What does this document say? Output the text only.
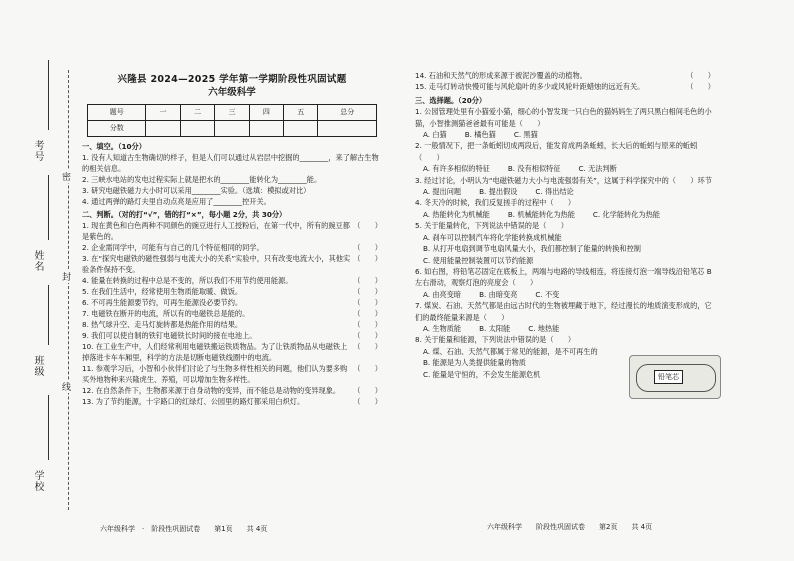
考号
姓名
班级
学校
密
封
线
兴隆县 2024—2025 学年第一学期阶段性巩固试题
六年级科学
题号	一	二	三	四	五	总分
分数						
一、填空。（10分）
1. 没有人知道古生物确切的样子，但是人们可以通过从岩层中挖掘的________，来了解古生物的相关信息。
2. 三峡水电站的发电过程实际上就是把水的________能转化为________能。
3. 研究电磁铁磁力大小时可以采用________实验。（选填：模拟或对比）
4. 通过两弹的路灯夫里自动点亮是应用了________控开关。
二、判断。（对的打“√”，错的打“×”，每小题 2分，共 30分）
（　　）
1. 现在黄色和白色两种不同颜色的豌豆进行人工授粉后，在第一代中，所有的豌豆都是紫色的。
（　　）
2. 企业需同学中，可能有与自己的几个特征相同的同学。
（　　）
3. 在“探究电磁铁的磁性强弱与电流大小的关系”实验中，只有改变电流大小，其他实验条件保持不变。
（　　）
4. 能量在转换的过程中总是不变的，所以我们不用节约使用能源。
（　　）
5. 在我们生活中，经常使用生物质能取暖、做饭。
（　　）
6. 不可再生能源要节约，可再生能源没必要节约。
（　　）
7. 电磁铁在断开的电流，所以有的电磁铁总是能的。
（　　）
8. 热气球升空、走马灯旋转都是热能作用的结果。
（　　）
9. 我们可以使自制的铁钉电磁铁长时间的接在电池上。
（　　）
10. 在工业生产中，人们经常利用电磁铁搬运铁质物品。为了让铁质物品从电磁铁上掉落进卡车车厢里，科学的方法是切断电磁铁线圈中的电流。
（　　）
11. 参观学习后，小智和小伙伴们讨论了与生物多样性相关的问题，他们认为要多购买外地物种来兴隆虎生、养殖，可以增加生物多样性。
（　　）
12. 在自然条件下，生物都来源于自身动物的变异，而不能总是动物的变异现象。
（　　）
13. 为了节约能源，十字路口的红绿灯、公园里的路灯都采用白炽灯。
六年级科学　·　阶段性巩固试卷　　第1页　　共 4页
（　　）
14. 石油和天然气的形成来源于被泥沙覆盖的动植物。
（　　）
15. 走马灯转动快慢可能与风轮扇叶的多少或风轮叶距蜡烛的远近有关。
三、选择题。（20分）
1. 公园管理处里有小猫爱小猫，细心的小智发现一只白色的猫妈妈生了两只黑白相间毛色的小猫，小智推测猫爸爸最有可能是（　　）
A. 白猫	B. 橘色猫	C. 黑猫
2. 一般情况下，把一条蚯蚓切成两段后，能发育成两条蚯蚓，长大后的蚯蚓与原来的蚯蚓（　　）
A. 有许多相似的特征	B. 没有相似特征	C. 无法判断
3. 经过讨论，小明认为“电磁铁磁力大小与电流强弱有关”，这属于科学探究中的（　　）环节
A. 提出问题	B. 提出假设	C. 得出结论
4. 冬天冷的时候，我们反复搓手的过程中（　　）
A. 热能转化为机械能	B. 机械能转化为热能	C. 化学能转化为热能
5. 关于能量转化，下列说法中错误的是（　　）
A. 刹车可以控制汽车将化学能转换成机械能
B. 从打开电扇到调节电扇风量大小，我们都控制了能量的转换和控制
C. 使用能量控制装置可以节约能源
6. 如右图，将铅笔芯固定在底板上，两端与电路的导线相连，将连接灯泡一端导线沿铅笔芯 B左右滑动，观察灯泡的亮度会（　　）
A. 由亮变暗	B. 由暗变亮	C. 不变
7. 煤炭、石油、天然气都是由远古时代的生物被埋藏于地下，经过漫长的地质演变形成的，它们的最终能量来源是（　　）
A. 生物质能	B. 太阳能	C. 地热能
8. 关于能量和能源，下列说法中错误的是（　　）
A. 煤、石油、天然气都属于常见的能源，是不可再生的
B. 能源是为人类提供能量的物质
C. 能量是守恒的，不会发生能源危机	铅笔芯
六年级科学　　阶段性巩固试卷　　第2页　　共 4页
